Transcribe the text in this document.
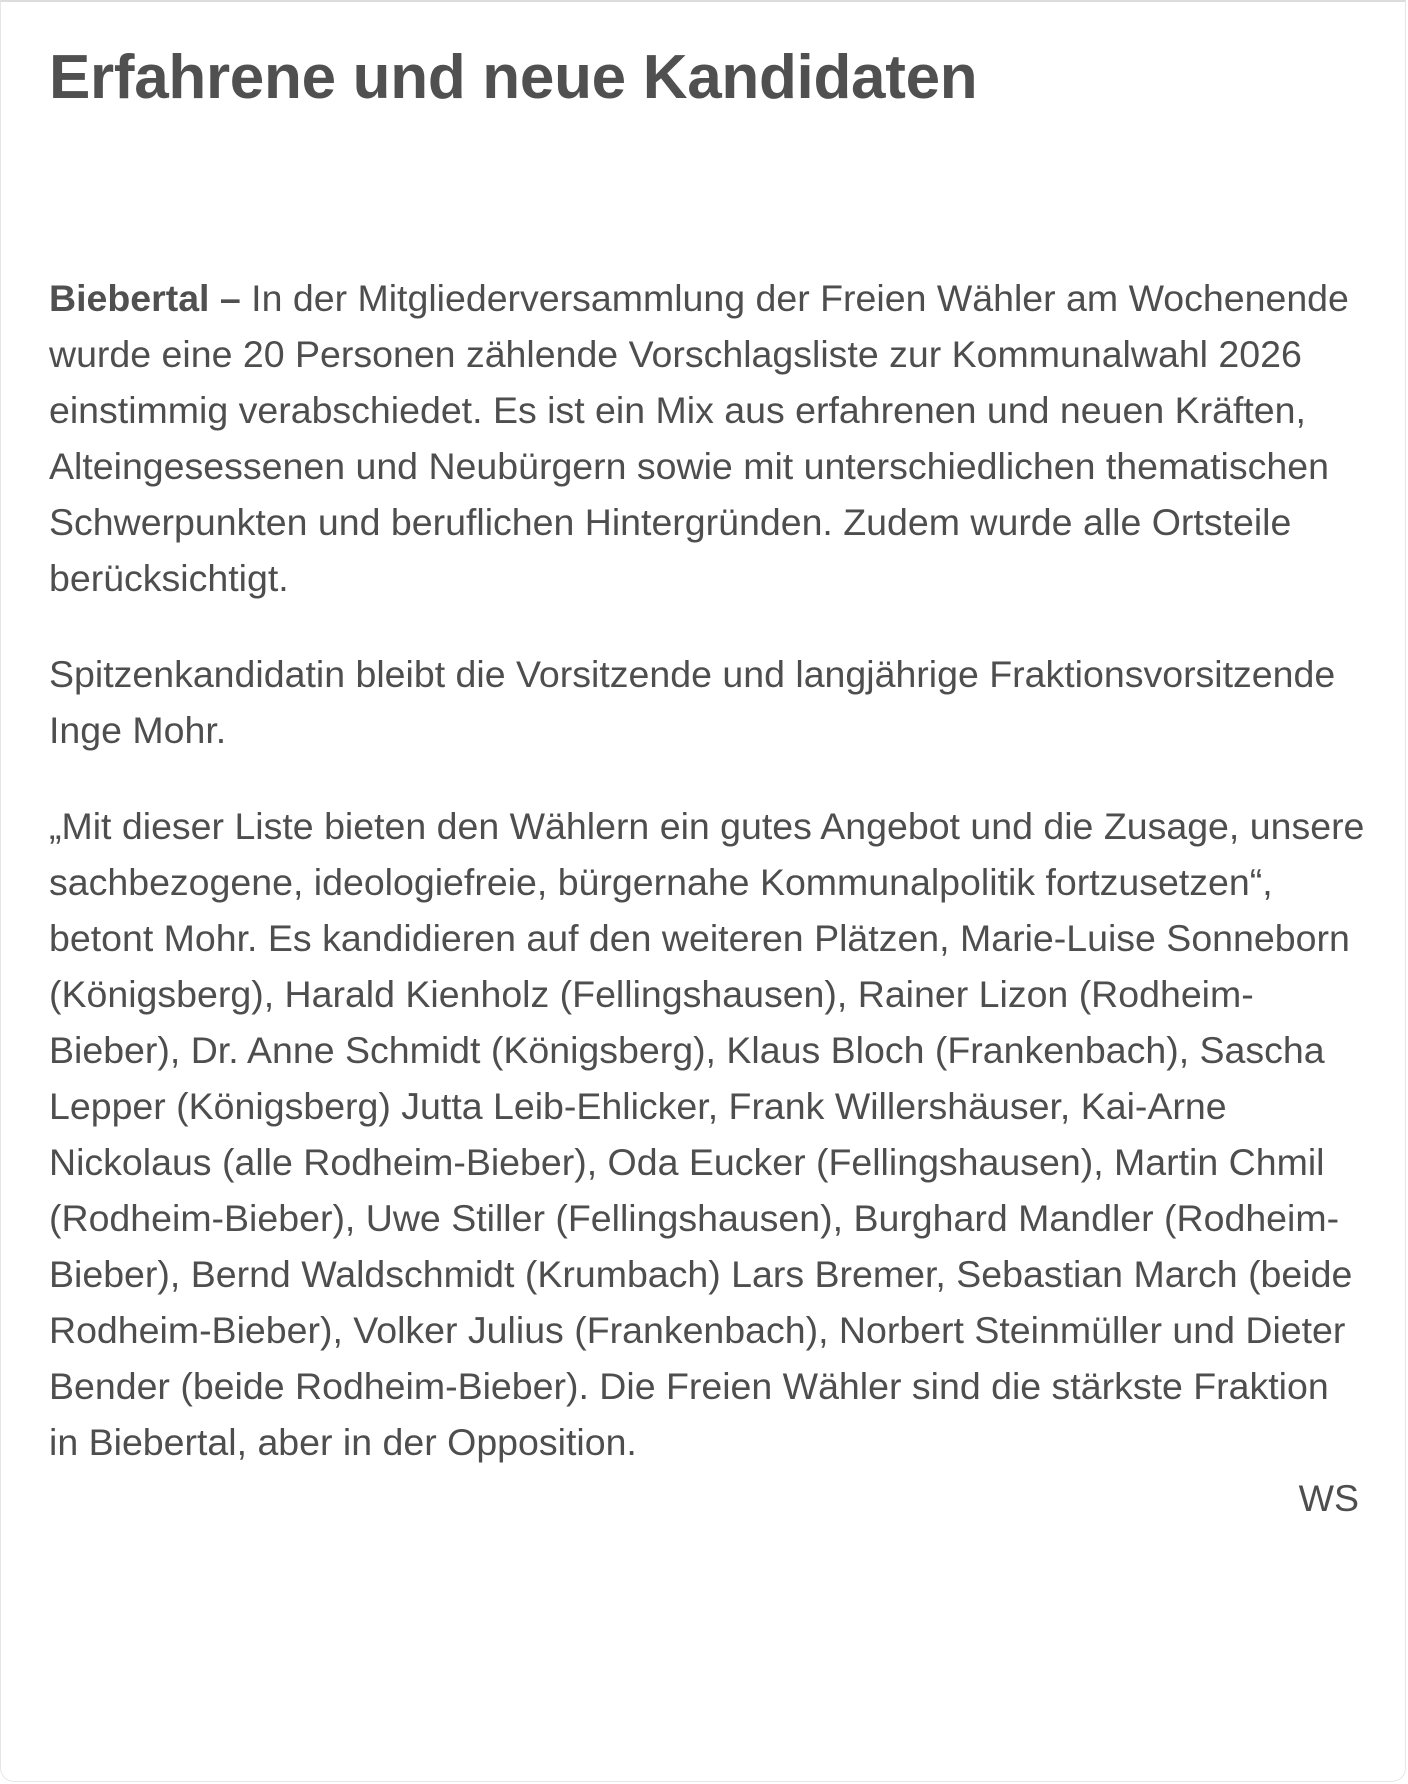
Erfahrene und neue Kandidaten

Biebertal – In der Mitgliederversammlung der Freien Wähler am Wochenende wurde eine 20 Personen zählende Vorschlagsliste zur Kommunalwahl 2026 einstimmig verabschiedet. Es ist ein Mix aus erfahrenen und neuen Kräften, Alteingesessenen und Neubürgern sowie mit unterschiedlichen thematischen Schwerpunkten und beruflichen Hintergründen. Zudem wurde alle Ortsteile berücksichtigt.

Spitzenkandidatin bleibt die Vorsitzende und langjährige Fraktionsvorsitzende Inge Mohr.

„Mit dieser Liste bieten den Wählern ein gutes Angebot und die Zusage, unsere sachbezogene, ideologiefreie, bürgernahe Kommunalpolitik fortzusetzen“, betont Mohr. Es kandidieren auf den weiteren Plätzen, Marie-Luise Sonneborn (Königsberg), Harald Kienholz (Fellingshausen), Rainer Lizon (Rodheim-Bieber), Dr. Anne Schmidt (Königsberg), Klaus Bloch (Frankenbach), Sascha Lepper (Königsberg) Jutta Leib-Ehlicker, Frank Willershäuser, Kai-Arne Nickolaus (alle Rodheim-Bieber), Oda Eucker (Fellingshausen), Martin Chmil (Rodheim-Bieber), Uwe Stiller (Fellingshausen), Burghard Mandler (Rodheim-Bieber), Bernd Waldschmidt (Krumbach) Lars Bremer, Sebastian March (beide Rodheim-Bieber), Volker Julius (Frankenbach), Norbert Steinmüller und Dieter Bender (beide Rodheim-Bieber). Die Freien Wähler sind die stärkste Fraktion in Biebertal, aber in der Opposition.

WS
